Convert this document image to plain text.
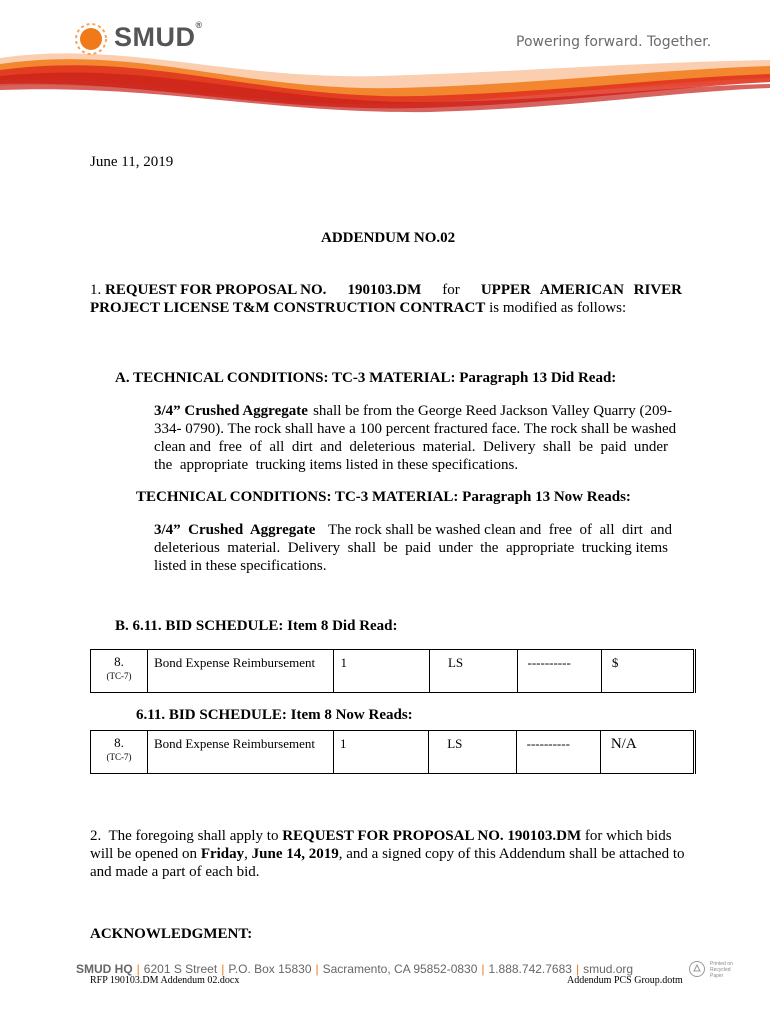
SMUD®
Powering forward. Together.
June 11, 2019
ADDENDUM NO.02
1. REQUEST FOR PROPOSAL NO. 190103.DM for UPPER AMERICAN RIVER
PROJECT LICENSE T&M CONSTRUCTION CONTRACT is modified as follows:
A. TECHNICAL CONDITIONS: TC-3 MATERIAL: Paragraph 13 Did Read:
3/4” Crushed Aggregate shall be from the George Reed Jackson Valley Quarry (209-
334- 0790). The rock shall have a 100 percent fractured face. The rock shall be washed
clean and  free  of  all  dirt  and  deleterious  material.  Delivery  shall  be  paid  under
the  appropriate  trucking items listed in these specifications.
TECHNICAL CONDITIONS: TC-3 MATERIAL: Paragraph 13 Now Reads:
3/4”  Crushed  Aggregate The rock shall be washed clean and  free  of  all  dirt  and
deleterious  material.  Delivery  shall  be  paid  under  the  appropriate  trucking items
listed in these specifications.
B. 6.11. BID SCHEDULE: Item 8 Did Read:
8.
(TC-7)
	Bond Expense Reimbursement	1	LS	----------	$
6.11. BID SCHEDULE: Item 8 Now Reads:
8.
(TC-7)
	Bond Expense Reimbursement	1	LS	----------	N/A
2. The foregoing shall apply to REQUEST FOR PROPOSAL NO. 190103.DM for which bids
will be opened on Friday, June 14, 2019, and a signed copy of this Addendum shall be attached to
and made a part of each bid.
ACKNOWLEDGMENT:
SMUD HQ | 6201 S Street | P.O. Box 15830 | Sacramento, CA 95852-0830 | 1.888.742.7683 | smud.org	Printed on
Recycled
Paper
RFP 190103.DM Addendum 02.docx	Addendum PCS Group.dotm
